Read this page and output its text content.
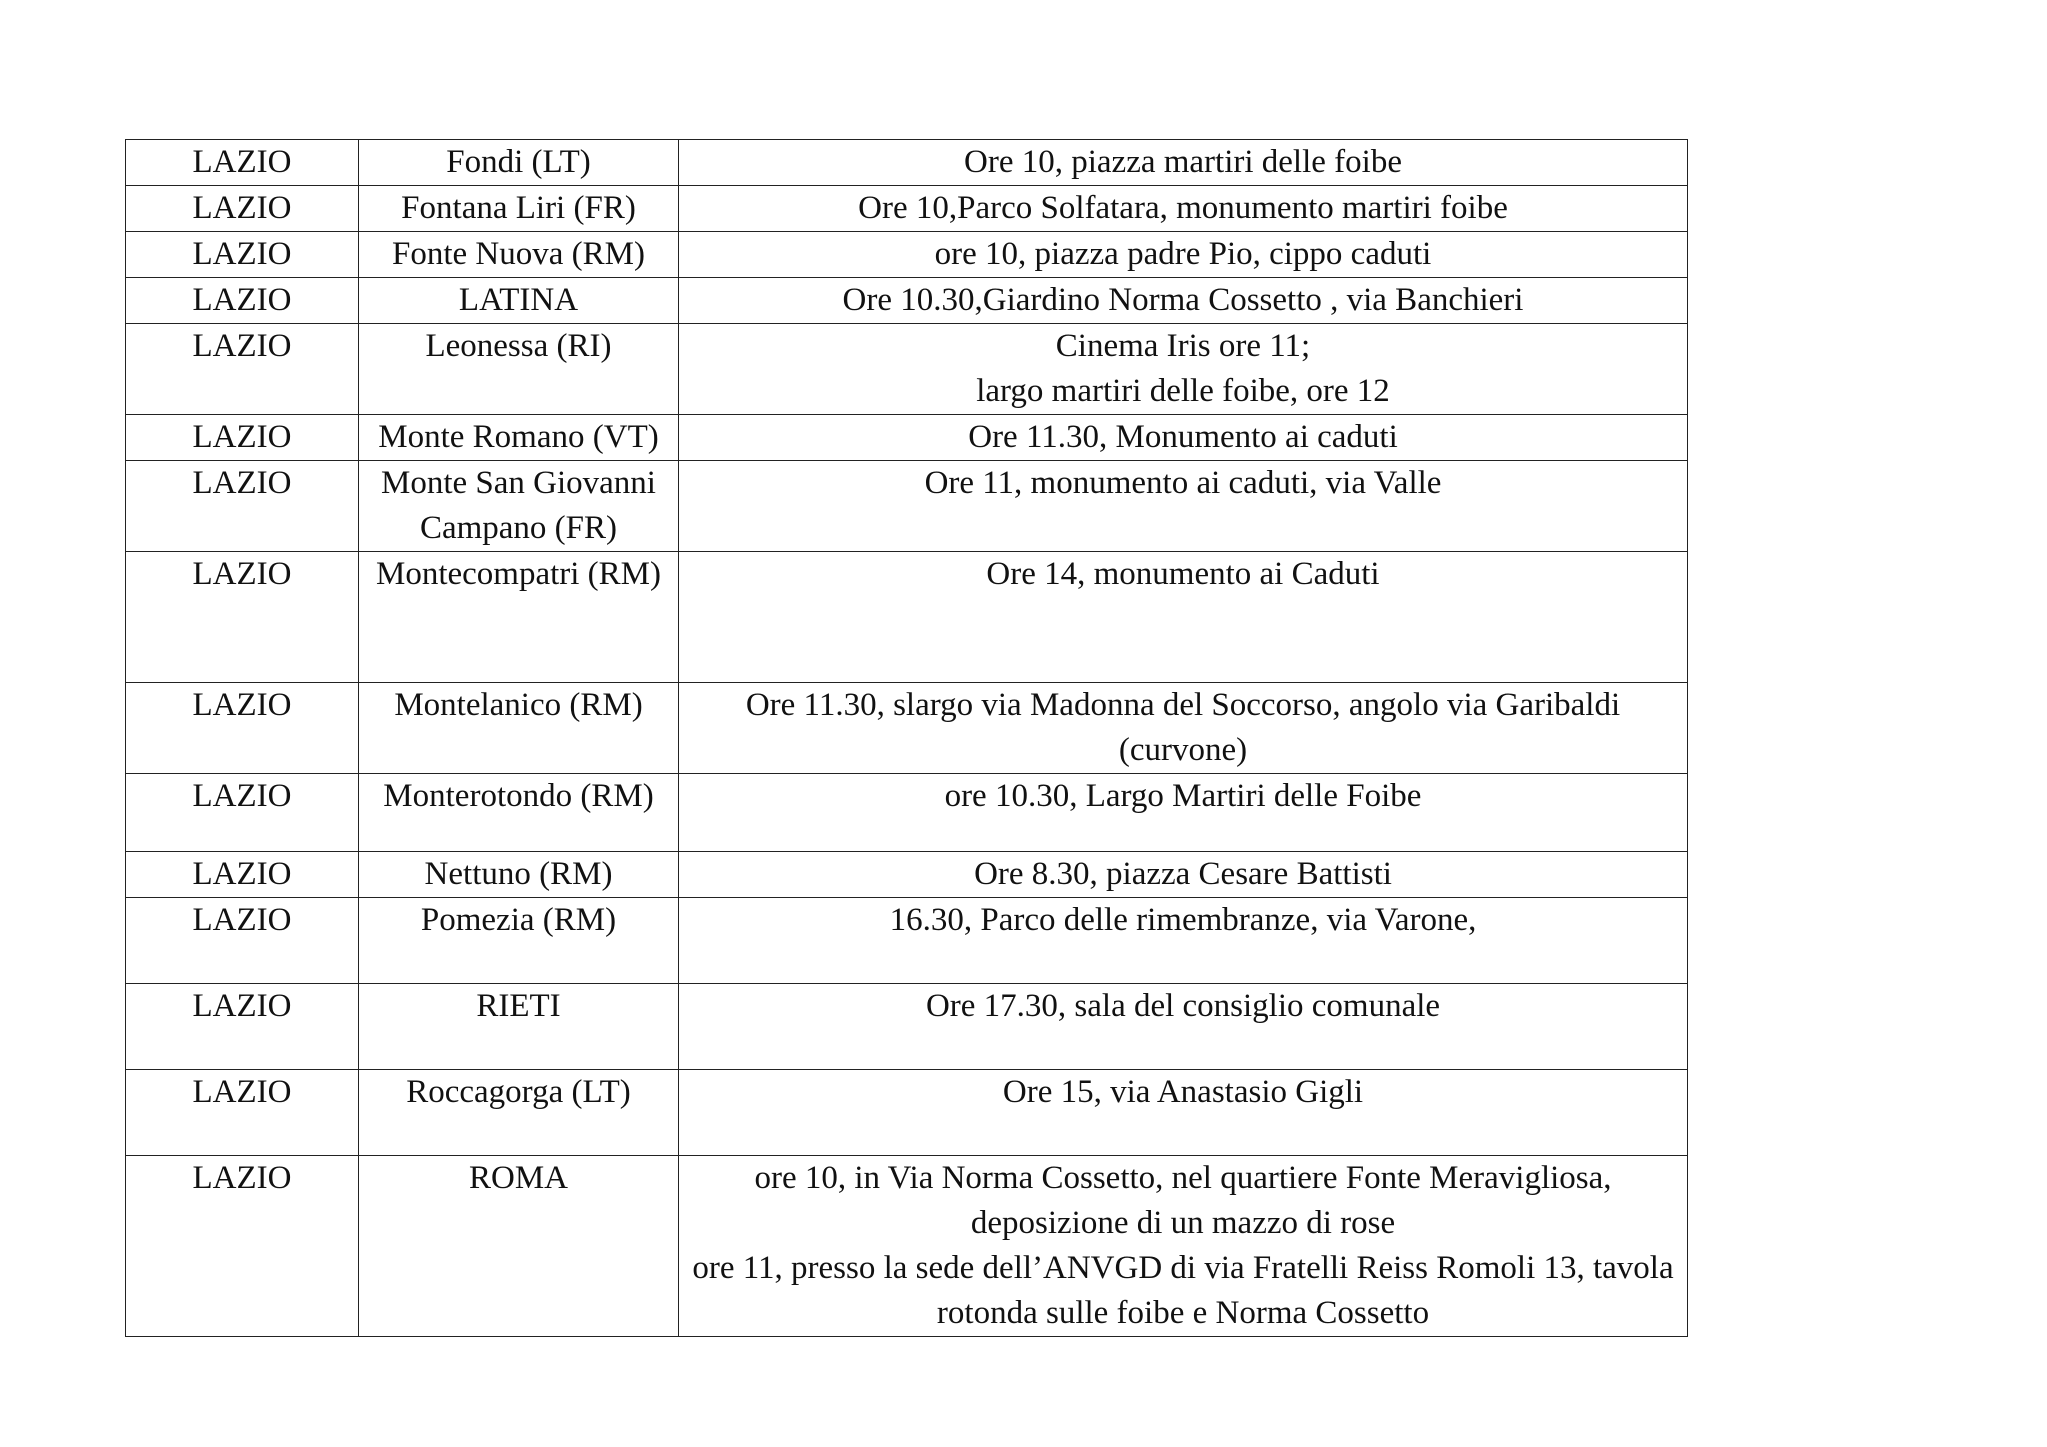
LAZIO	Fondi (LT)	Ore 10, piazza martiri delle foibe

LAZIO	Fontana Liri (FR)	Ore 10,Parco Solfatara, monumento martiri foibe

LAZIO	Fonte Nuova (RM)	ore 10, piazza padre Pio, cippo caduti

LAZIO	LATINA	Ore 10.30,Giardino Norma Cossetto , via Banchieri

LAZIO	Leonessa (RI)	Cinema Iris ore 11;
largo martiri delle foibe, ore 12

LAZIO	Monte Romano (VT)	Ore 11.30, Monumento ai caduti

LAZIO	Monte San Giovanni Campano (FR)	Ore 11, monumento ai caduti, via Valle

LAZIO	Montecompatri (RM)	Ore 14, monumento ai Caduti

LAZIO	Montelanico (RM)	Ore 11.30, slargo via Madonna del Soccorso, angolo via Garibaldi (curvone)

LAZIO	Monterotondo (RM)	ore 10.30, Largo Martiri delle Foibe

LAZIO	Nettuno (RM)	Ore 8.30, piazza Cesare Battisti

LAZIO	Pomezia (RM)	16.30, Parco delle rimembranze, via Varone,

LAZIO	RIETI	Ore 17.30, sala del consiglio comunale

LAZIO	Roccagorga (LT)	Ore 15, via Anastasio Gigli

LAZIO	ROMA	ore 10, in Via Norma Cossetto, nel quartiere Fonte Meravigliosa, deposizione di un mazzo di rose
ore 11, presso la sede dell’ANVGD di via Fratelli Reiss Romoli 13, tavola rotonda sulle foibe e Norma Cossetto
